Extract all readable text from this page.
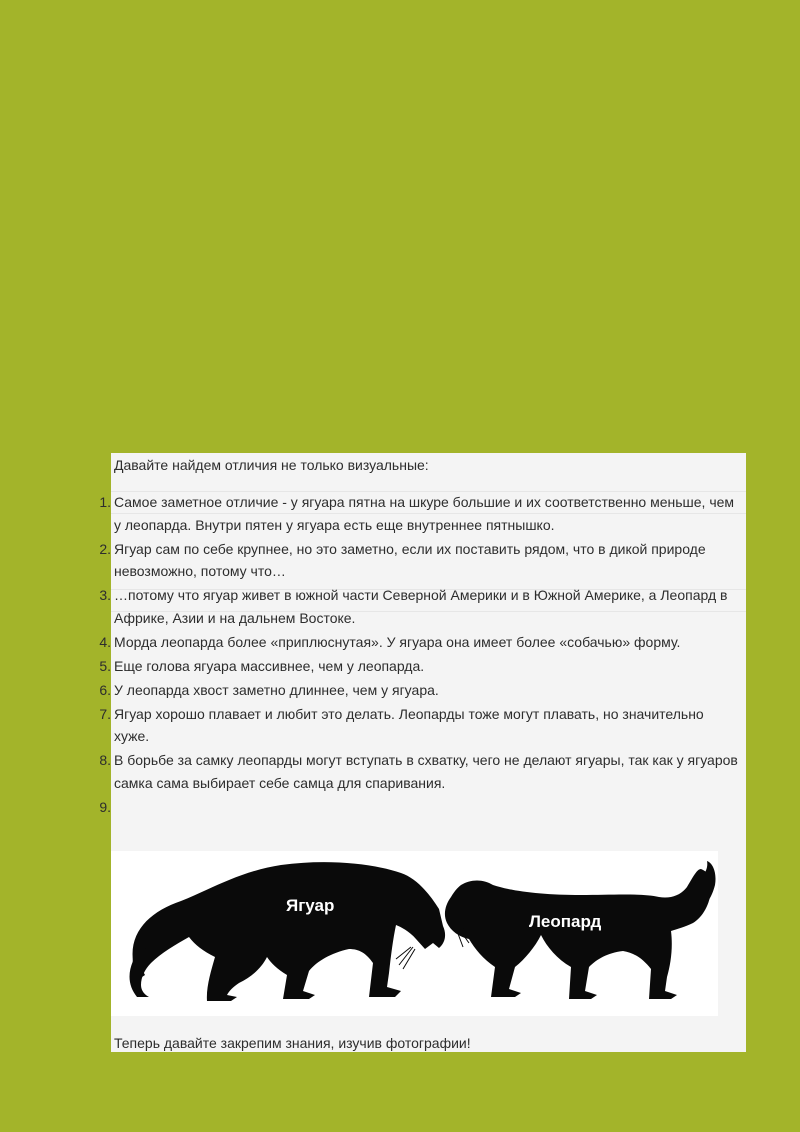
Давайте найдем отличия не только визуальные:
1. Самое заметное отличие - у ягуара пятна на шкуре большие и их соответственно меньше, чем у леопарда. Внутри пятен у ягуара есть еще внутреннее пятнышко.
2. Ягуар сам по себе крупнее, но это заметно, если их поставить рядом, что в дикой природе невозможно, потому что…
3. …потому что ягуар живет в южной части Северной Америки и в Южной Америке, а Леопард в Африке, Азии и на дальнем Востоке.
4. Морда леопарда более «приплюснутая». У ягуара она имеет более «собачью» форму.
5. Еще голова ягуара массивнее, чем у леопарда.
6. У леопарда хвост заметно длиннее, чем у ягуара.
7. Ягуар хорошо плавает и любит это делать. Леопарды тоже могут плавать, но значительно хуже.
8. В борьбе за самку леопарды могут вступать в схватку, чего не делают ягуары, так как у ягуаров самка сама выбирает себе самца для спаривания.
9.
Ягуар
Леопард
Теперь давайте закрепим знания, изучив фотографии!
